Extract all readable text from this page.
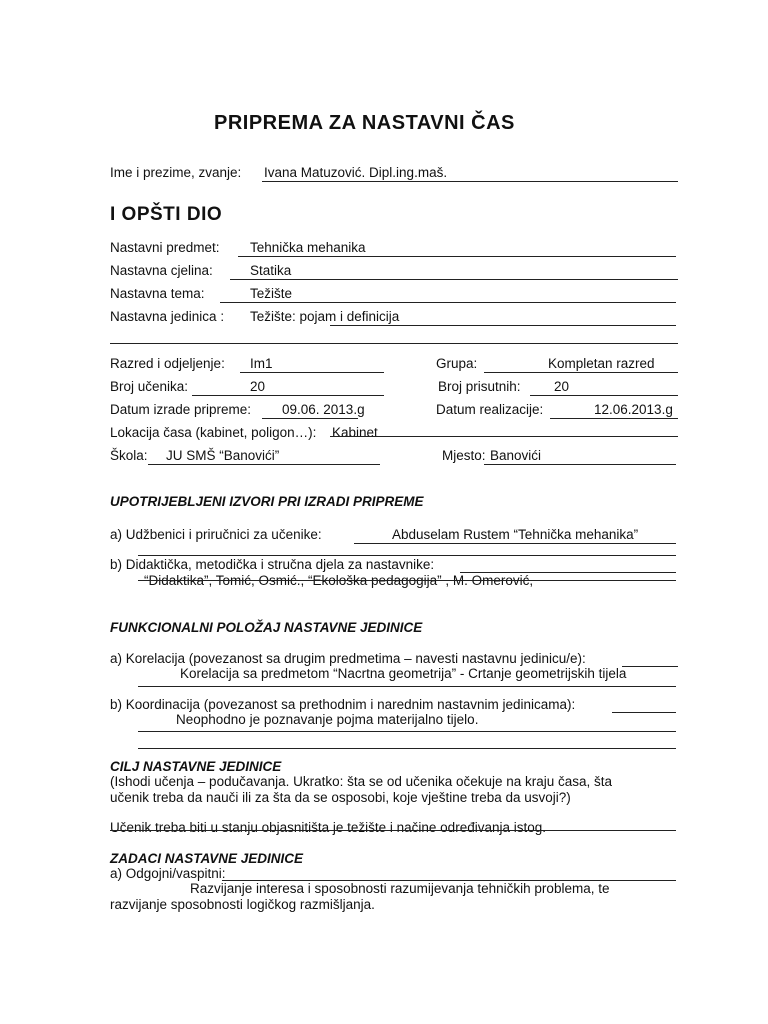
PRIPREMA ZA NASTAVNI ČAS
Ime i prezime, zvanje: Ivana Matuzović. Dipl.ing.maš.
I OPŠTI DIO
Nastavni predmet: Tehnička mehanika
Nastavna cjelina:	Statika
Nastavna tema:	Težište
Nastavna jedinica : Težište: pojam i definicija
Razred i odjeljenje: Im1	Grupa:	Kompletan razred
Broj učenika:	20	Broj prisutnih: 20
Datum izrade pripreme: 09.06. 2013.g	Datum realizacije:	12.06.2013.g
Lokacija časa (kabinet, poligon…): Kabinet
Škola: JU SMŠ “Banovići”	Mjesto: Banovići
UPOTRIJEBLJENI IZVORI PRI IZRADI PRIPREME
a) Udžbenici i priručnici za učenike:	Abduselam Rustem “Tehnička mehanika”
b) Didaktička, metodička i stručna djela za nastavnike:
“Didaktika”, Tomić, Osmić., “Ekološka pedagogija” , M. Omerović,
FUNKCIONALNI POLOŽAJ NASTAVNE JEDINICE
a) Korelacija (povezanost sa drugim predmetima – navesti nastavnu jedinicu/e):
Korelacija sa predmetom “Nacrtna geometrija” - Crtanje geometrijskih tijela
b) Koordinacija (povezanost sa prethodnim i narednim nastavnim jedinicama):
Neophodno je poznavanje pojma materijalno tijelo.
CILJ NASTAVNE JEDINICE
(Ishodi učenja – podučavanja. Ukratko: šta se od učenika očekuje na kraju časa, šta
učenik treba da nauči ili za šta da se osposobi, koje vještine treba da usvoji?)
Učenik treba biti u stanju objasnitišta je težište i načine određivanja istog.
ZADACI NASTAVNE JEDINICE
a) Odgojni/vaspitni:
Razvijanje interesa i sposobnosti razumijevanja tehničkih problema, te
razvijanje sposobnosti logičkog razmišljanja.
